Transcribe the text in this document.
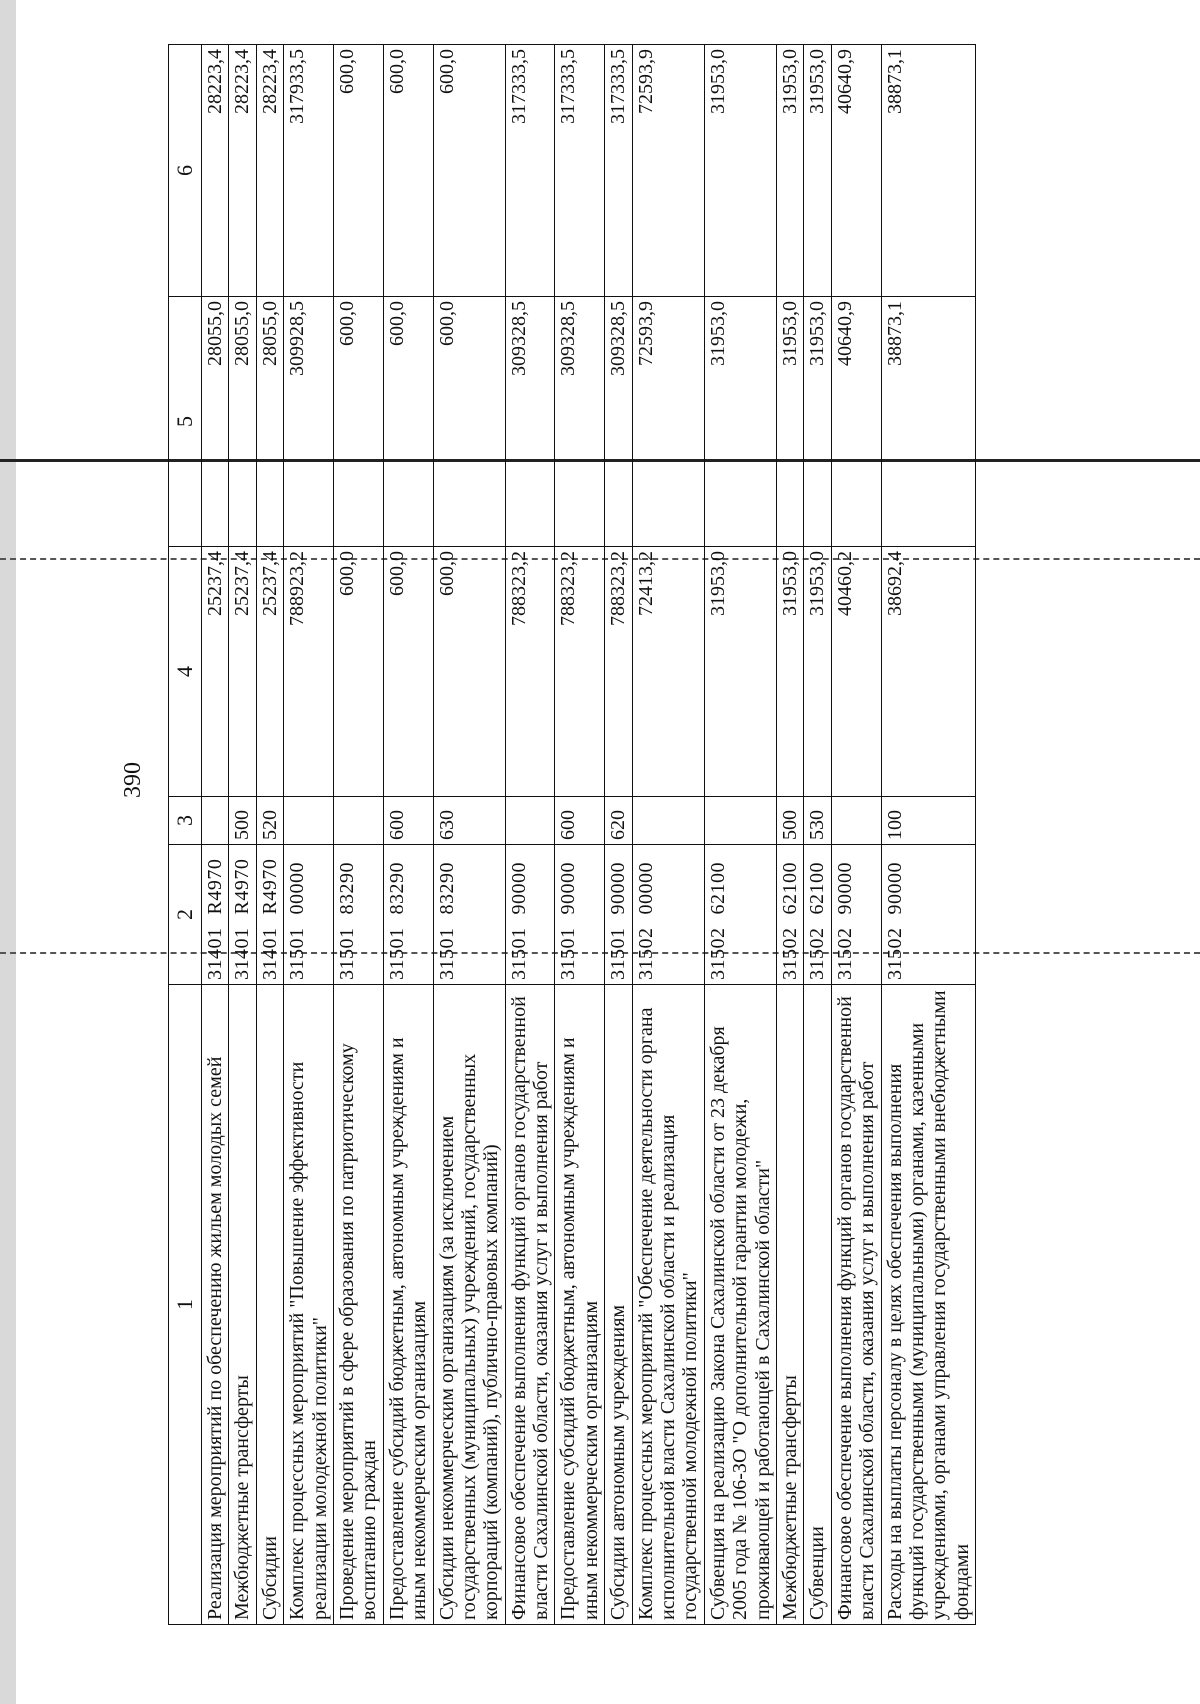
390
1	2	3	4	5	6
Реализация мероприятий по обеспечению жильем молодых семей	31401 R4970		25237,4	28055,0	28223,4
Межбюджетные трансферты	31401 R4970	500	25237,4	28055,0	28223,4
Субсидии	31401 R4970	520	25237,4	28055,0	28223,4
Комплекс процессных мероприятий "Повышение эффективности реализации молодежной политики"	31501 00000		788923,2	309928,5	317933,5
Проведение мероприятий в сфере образования по патриотическому воспитанию граждан	31501 83290		600,0	600,0	600,0
Предоставление субсидий бюджетным, автономным учреждениям и иным некоммерческим организациям	31501 83290	600	600,0	600,0	600,0
Субсидии некоммерческим организациям (за исключением государственных (муниципальных) учреждений, государственных корпораций (компаний), публично-правовых компаний)	31501 83290	630	600,0	600,0	600,0
Финансовое обеспечение выполнения функций органов государственной власти Сахалинской области, оказания услуг и выполнения работ	31501 90000		788323,2	309328,5	317333,5
Предоставление субсидий бюджетным, автономным учреждениям и иным некоммерческим организациям	31501 90000	600	788323,2	309328,5	317333,5
Субсидии автономным учреждениям	31501 90000	620	788323,2	309328,5	317333,5
Комплекс процессных мероприятий "Обеспечение деятельности органа исполнительной власти Сахалинской области и реализация государственной молодежной политики"	31502 00000		72413,2	72593,9	72593,9
Субвенция на реализацию Закона Сахалинской области от 23 декабря 2005 года № 106-ЗО "О дополнительной гарантии молодежи, проживающей и работающей в Сахалинской области"	31502 62100		31953,0	31953,0	31953,0
Межбюджетные трансферты	31502 62100	500	31953,0	31953,0	31953,0
Субвенции	31502 62100	530	31953,0	31953,0	31953,0
Финансовое обеспечение выполнения функций органов государственной власти Сахалинской области, оказания услуг и выполнения работ	31502 90000		40460,2	40640,9	40640,9
Расходы на выплаты персоналу в целях обеспечения выполнения функций государственными (муниципальными) органами, казенными учреждениями, органами управления государственными внебюджетными фондами	31502 90000	100	38692,4	38873,1	38873,1
